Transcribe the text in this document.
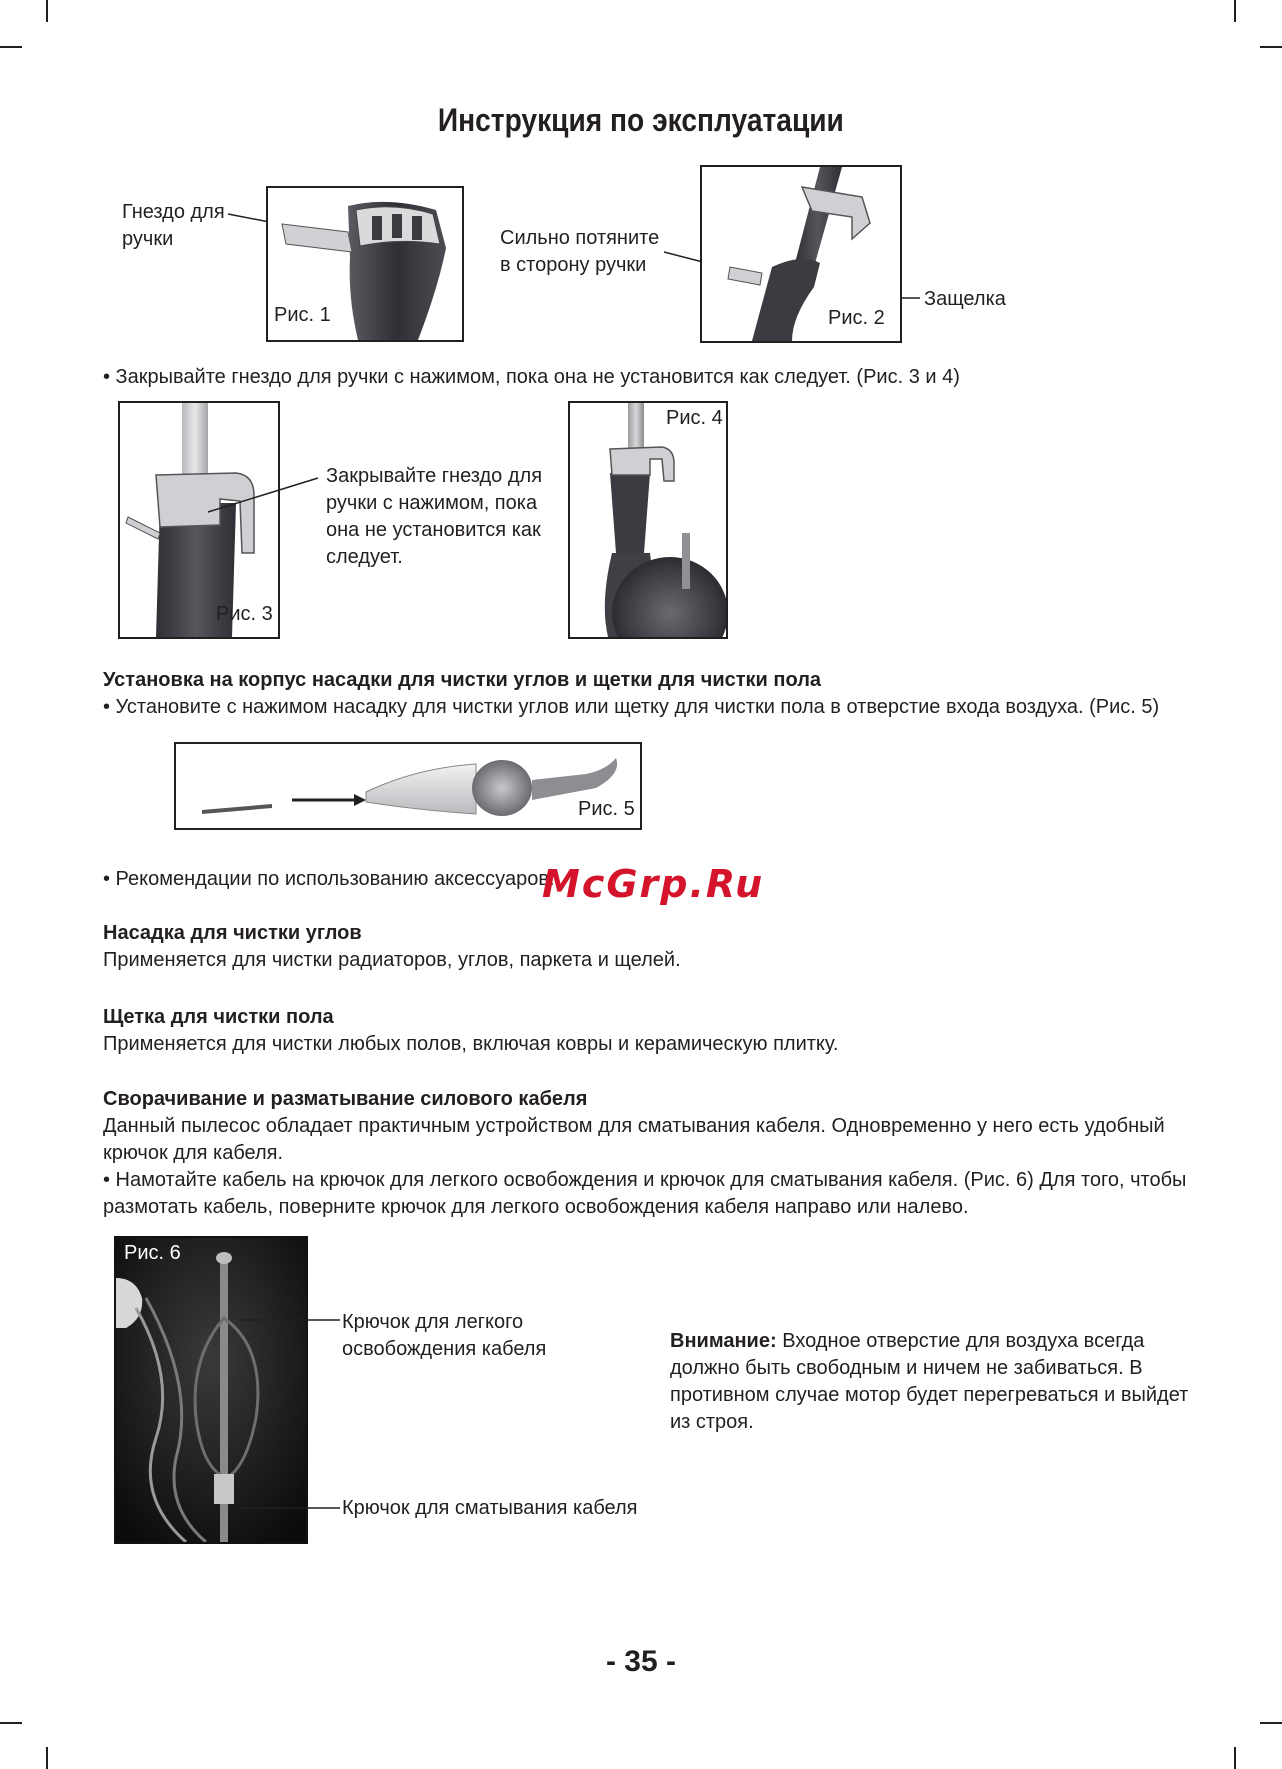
Инструкция по эксплуатации
Гнездо для
ручки
Рис. 1
Сильно потяните
в сторону ручки
Рис. 2
Защелка
• Закрывайте гнездо для ручки с нажимом, пока она не установится как следует. (Рис. 3 и 4)
Рис. 3
Закрывайте гнездо для
ручки с нажимом, пока
она не установится как
следует.
Рис. 4
Установка на корпус насадки для чистки углов и щетки для чистки пола
• Установите с нажимом насадку для чистки углов или щетку для чистки пола в отверстие входа воздуха. (Рис. 5)
Рис. 5
• Рекомендации по использованию аксессуаров:
McGrp.Ru
Насадка для чистки углов
Применяется для чистки радиаторов, углов, паркета и щелей.
Щетка для чистки пола
Применяется для чистки любых полов, включая ковры и керамическую плитку.
Сворачивание и разматывание силового кабеля
Данный пылесос обладает практичным устройством для сматывания кабеля. Одновременно у него есть удобный
крючок для кабеля.
• Намотайте кабель на крючок для легкого освобождения и крючок для сматывания кабеля. (Рис. 6) Для того, чтобы
размотать кабель, поверните крючок для легкого освобождения кабеля направо или налево.
Рис. 6
Крючок для легкого
освобождения кабеля
Крючок для сматывания кабеля
Внимание: Входное отверстие для воздуха всегда
должно быть свободным и ничем не забиваться. В
противном случае мотор будет перегреваться и выйдет
из строя.
- 35 -
